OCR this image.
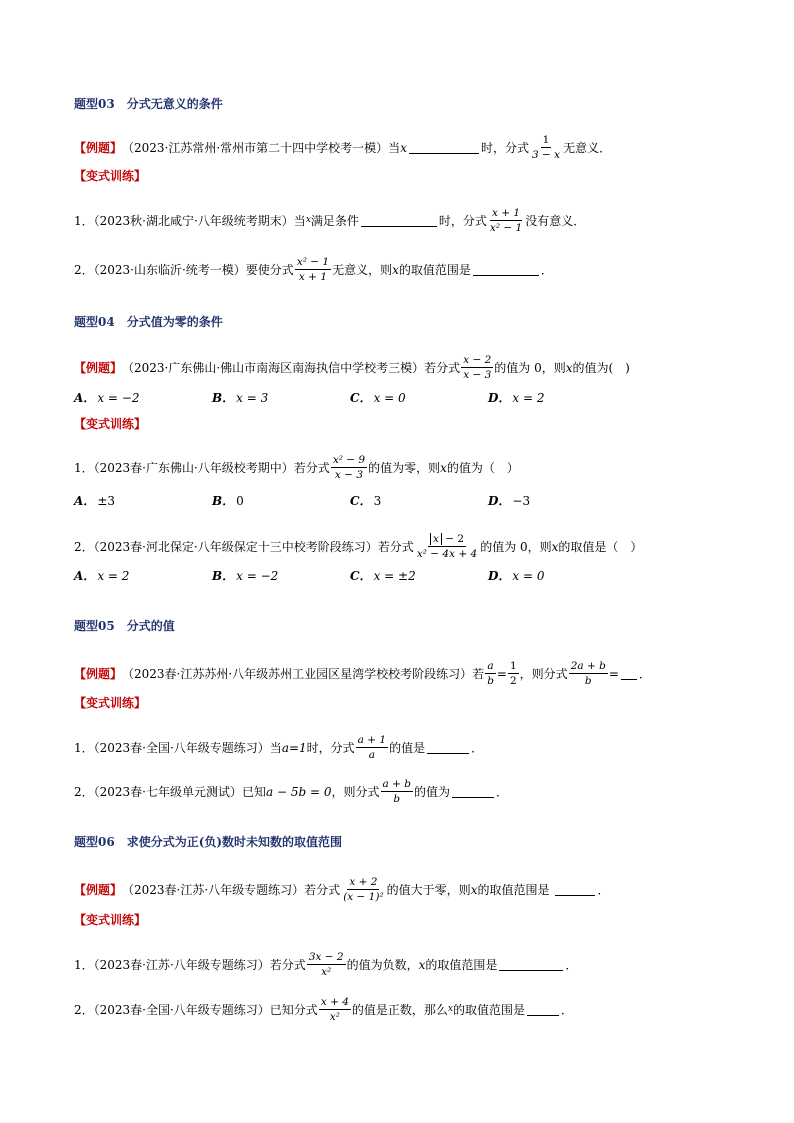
题型03　分式无意义的条件
【例题】 （2023·江苏常州·常州市第二十四中学校考一模）当 x	时，分式 $\frac{1}{3 - x}$ 无意义．
【变式训练】
1．（2023秋·湖北咸宁·八年级统考期末）当 x 满足条件	时，分式 $\frac{x + 1}{\text{x² − 1}}$ 没有意义．
2．（2023·山东临沂·统考一模）要使分式 $\frac{\text{x² − 1}}{x + 1}$ 无意义，则 x 的取值范围是	．
题型04　分式值为零的条件
【例题】 （2023·广东佛山·佛山市南海区南海执信中学校考三模）若分式 $\frac{x - 2}{x - 3}$ 的值为 0，则 x 的值为(　)
A． x = −2	B． x = 3	C． x = 0	D． x = 2
【变式训练】
1．（2023春·广东佛山·八年级校考期中）若分式 $\frac{\text{x² − 9}}{x - 3}$ 的值为零，则 x 的值为（　）
A． ±3	B． 0	C． 3	D． −3
2．（2023春·河北保定·八年级保定十三中校考阶段练习）若分式 $\frac{x - 2}{\text{x² − 4x + 4}}$ 的值为 0，则 x 的取值是（　）
A． x = 2	B． x = −2	C． x = ±2	D． x = 0
题型05　分式的值
【例题】 （2023春·江苏苏州·八年级苏州工业园区星湾学校校考阶段练习）若 $\frac{a}{b} = \frac{1}{2}$ ，则分式 $\frac{2a + b}{b}$ = ．
【变式训练】
1．（2023春·全国·八年级专题练习）当 a=1 时，分式 $\frac{a + 1}{a}$ 的值是	．
2．（2023春·七年级单元测试）已知 a − 5b = 0 ，则分式 $\frac{a + b}{b}$ 的值为	．
题型06　求使分式为正(负)数时未知数的取值范围
【例题】 （2023春·江苏·八年级专题练习）若分式 $\frac{x + 2}{\text{(x − 1)²}}$ 的值大于零，则 x 的取值范围是	．
【变式训练】
1．（2023春·江苏·八年级专题练习）若分式 $\frac{3x - 2}{\text{x²}}$ 的值为负数， x 的取值范围是	．
2．（2023春·全国·八年级专题练习）已知分式 $\frac{x + 4}{\text{x²}}$ 的值是正数，那么 x 的取值范围是	．
